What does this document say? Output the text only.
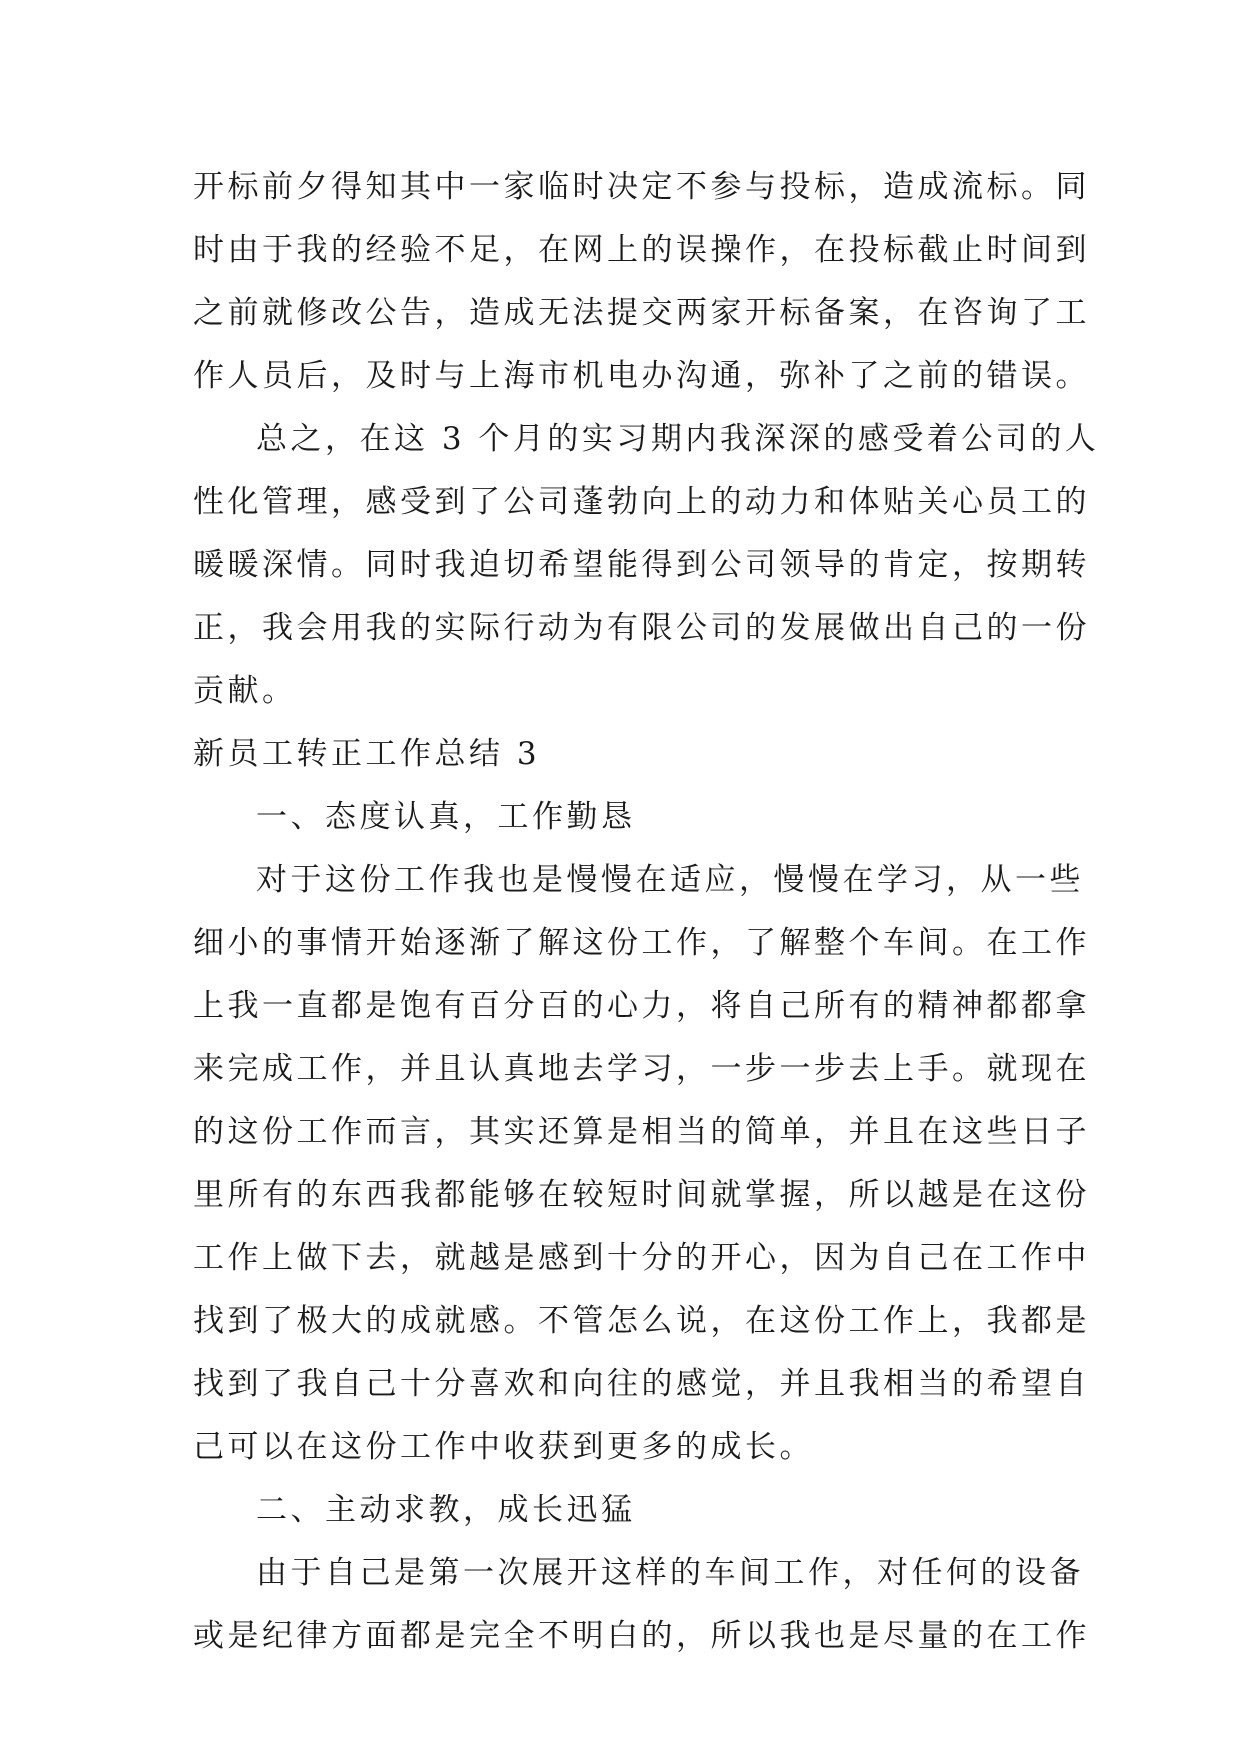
开标前夕得知其中一家临时决定不参与投标，造成流标。同
时由于我的经验不足，在网上的误操作，在投标截止时间到
之前就修改公告，造成无法提交两家开标备案，在咨询了工
作人员后，及时与上海市机电办沟通，弥补了之前的错误。
总之，在这 3 个月的实习期内我深深的感受着公司的人
性化管理，感受到了公司蓬勃向上的动力和体贴关心员工的
暖暖深情。同时我迫切希望能得到公司领导的肯定，按期转
正，我会用我的实际行动为有限公司的发展做出自己的一份
贡献。
新员工转正工作总结 3
一、态度认真，工作勤恳
对于这份工作我也是慢慢在适应，慢慢在学习，从一些
细小的事情开始逐渐了解这份工作，了解整个车间。在工作
上我一直都是饱有百分百的心力，将自己所有的精神都都拿
来完成工作，并且认真地去学习，一步一步去上手。就现在
的这份工作而言，其实还算是相当的简单，并且在这些日子
里所有的东西我都能够在较短时间就掌握，所以越是在这份
工作上做下去，就越是感到十分的开心，因为自己在工作中
找到了极大的成就感。不管怎么说，在这份工作上，我都是
找到了我自己十分喜欢和向往的感觉，并且我相当的希望自
己可以在这份工作中收获到更多的成长。
二、主动求教，成长迅猛
由于自己是第一次展开这样的车间工作，对任何的设备
或是纪律方面都是完全不明白的，所以我也是尽量的在工作
